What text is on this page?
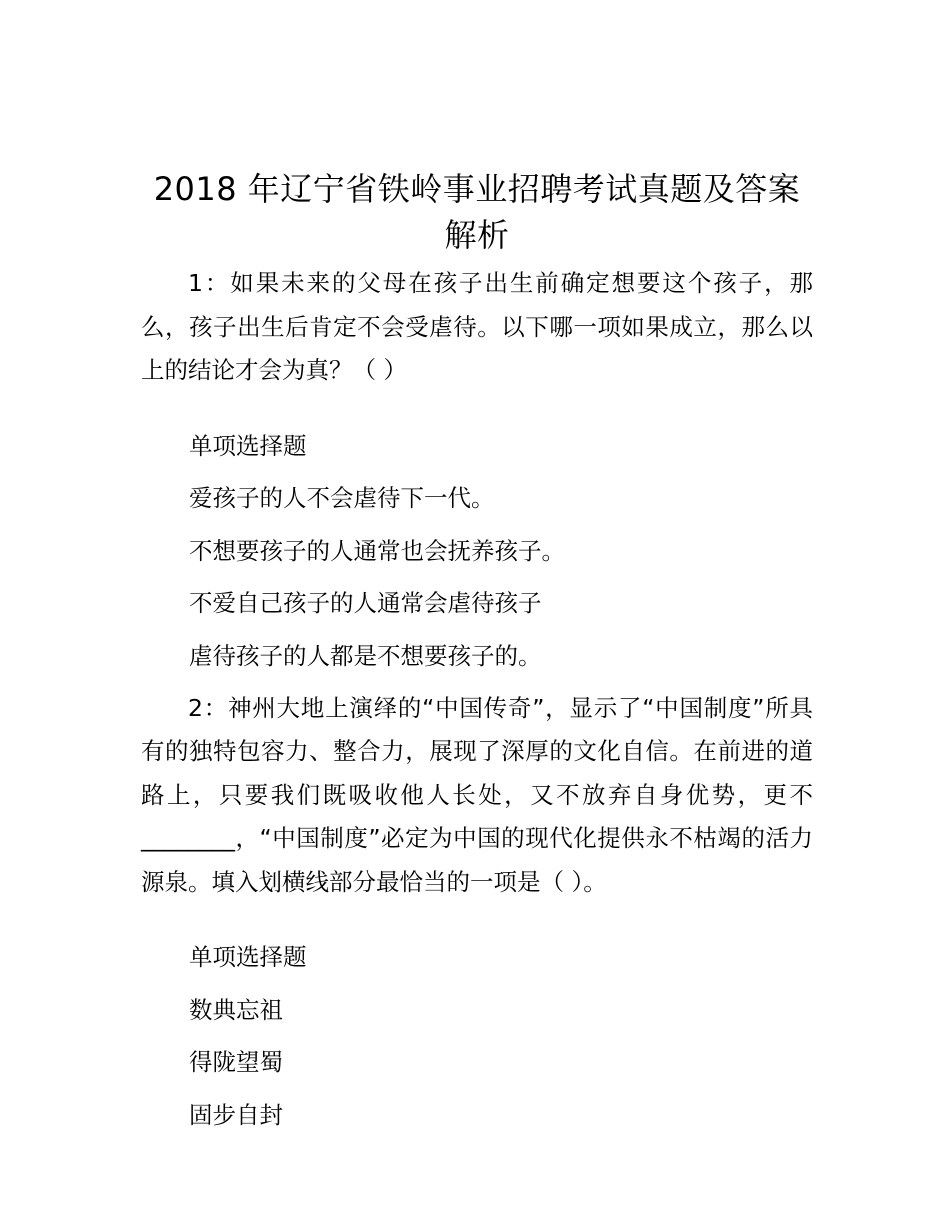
2018 年辽宁省铁岭事业招聘考试真题及答案
解析

1：如果未来的父母在孩子出生前确定想要这个孩子，那么，孩子出生后肯定不会受虐待。以下哪一项如果成立，那么以上的结论才会为真？（ ）

单项选择题

爱孩子的人不会虐待下一代。

不想要孩子的人通常也会抚养孩子。

不爱自己孩子的人通常会虐待孩子

虐待孩子的人都是不想要孩子的。

2：神州大地上演绎的“中国传奇”，显示了“中国制度”所具有的独特包容力、整合力，展现了深厚的文化自信。在前进的道路上，只要我们既吸收他人长处，又不放弃自身优势，更不________，“中国制度”必定为中国的现代化提供永不枯竭的活力源泉。填入划横线部分最恰当的一项是（ ）。

单项选择题

数典忘祖

得陇望蜀

固步自封
